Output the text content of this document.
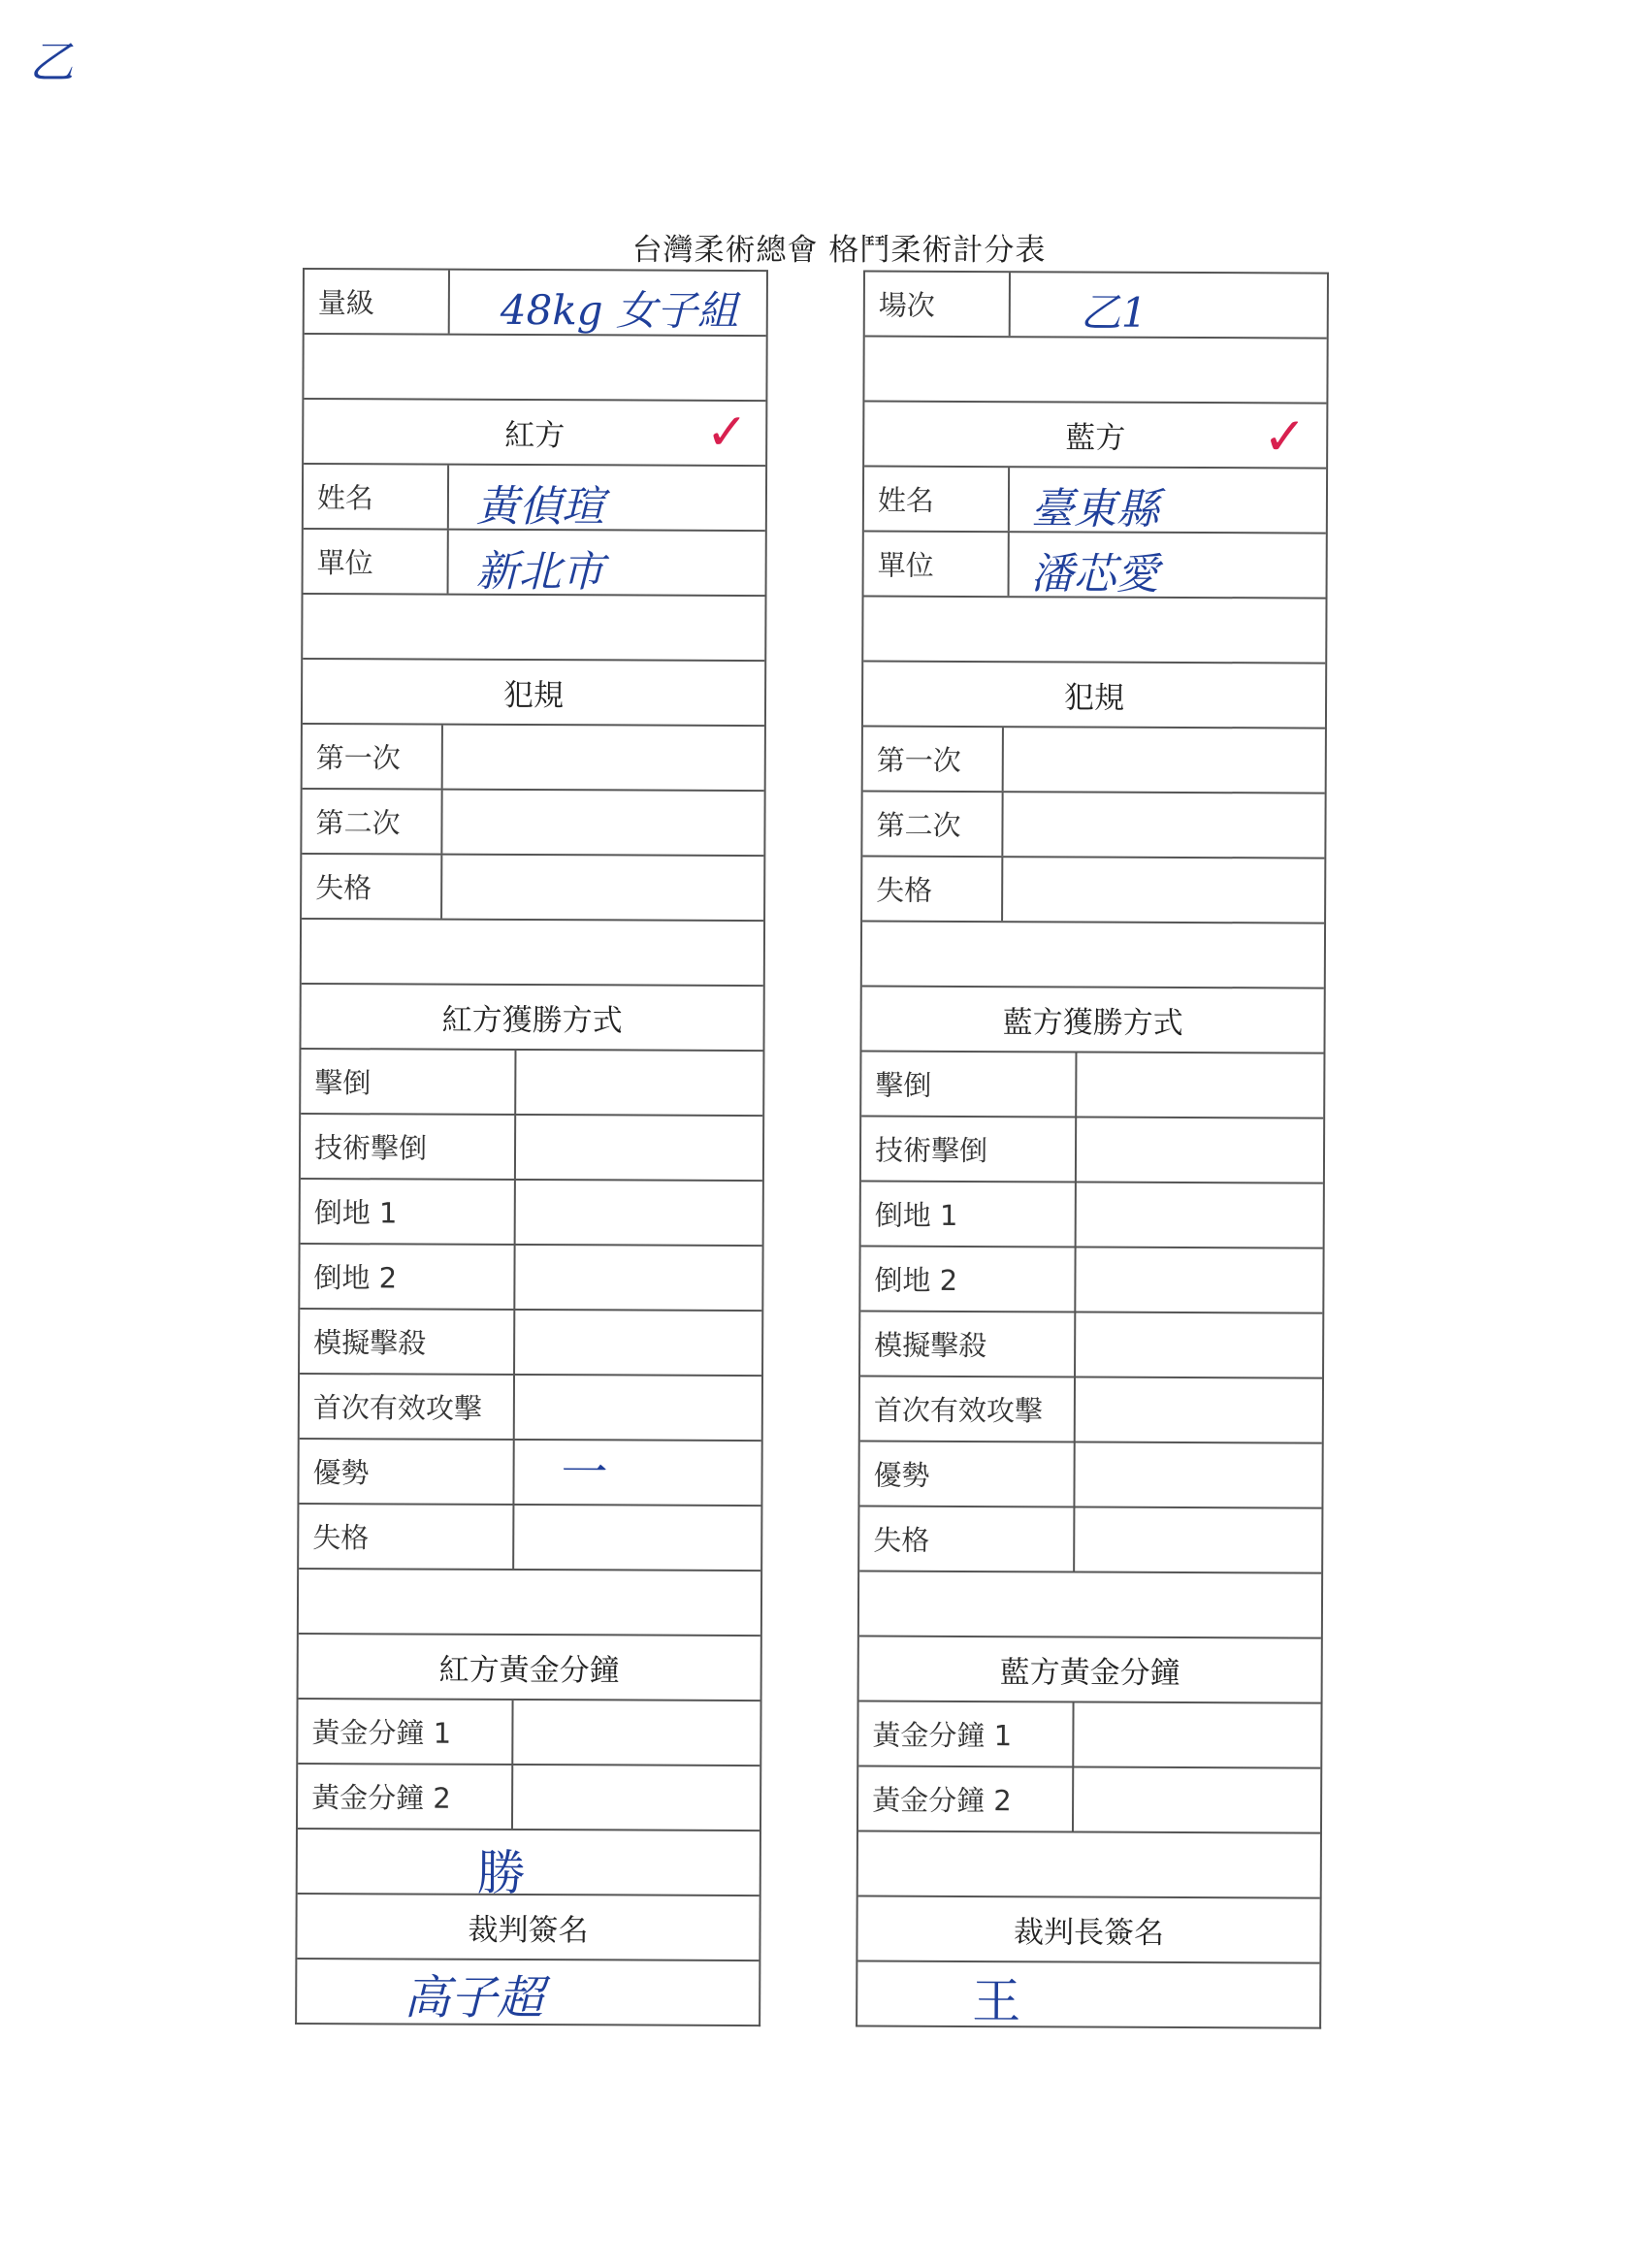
乙
台灣柔術總會 格鬥柔術計分表
量級	48kg 女子組
紅方	✓
姓名	黃偵瑄
單位	新北市
犯規
第一次
第二次
失格
紅方獲勝方式
擊倒
技術擊倒
倒地 1
倒地 2
模擬擊殺
首次有效攻擊
優勢	一
失格
紅方黃金分鐘
黃金分鐘 1
黃金分鐘 2
勝
裁判簽名
高子超
場次	乙1
藍方	✓
姓名	臺東縣
單位	潘芯愛
犯規
第一次
第二次
失格
藍方獲勝方式
擊倒
技術擊倒
倒地 1
倒地 2
模擬擊殺
首次有效攻擊
優勢
失格
藍方黃金分鐘
黃金分鐘 1
黃金分鐘 2
裁判長簽名
王
